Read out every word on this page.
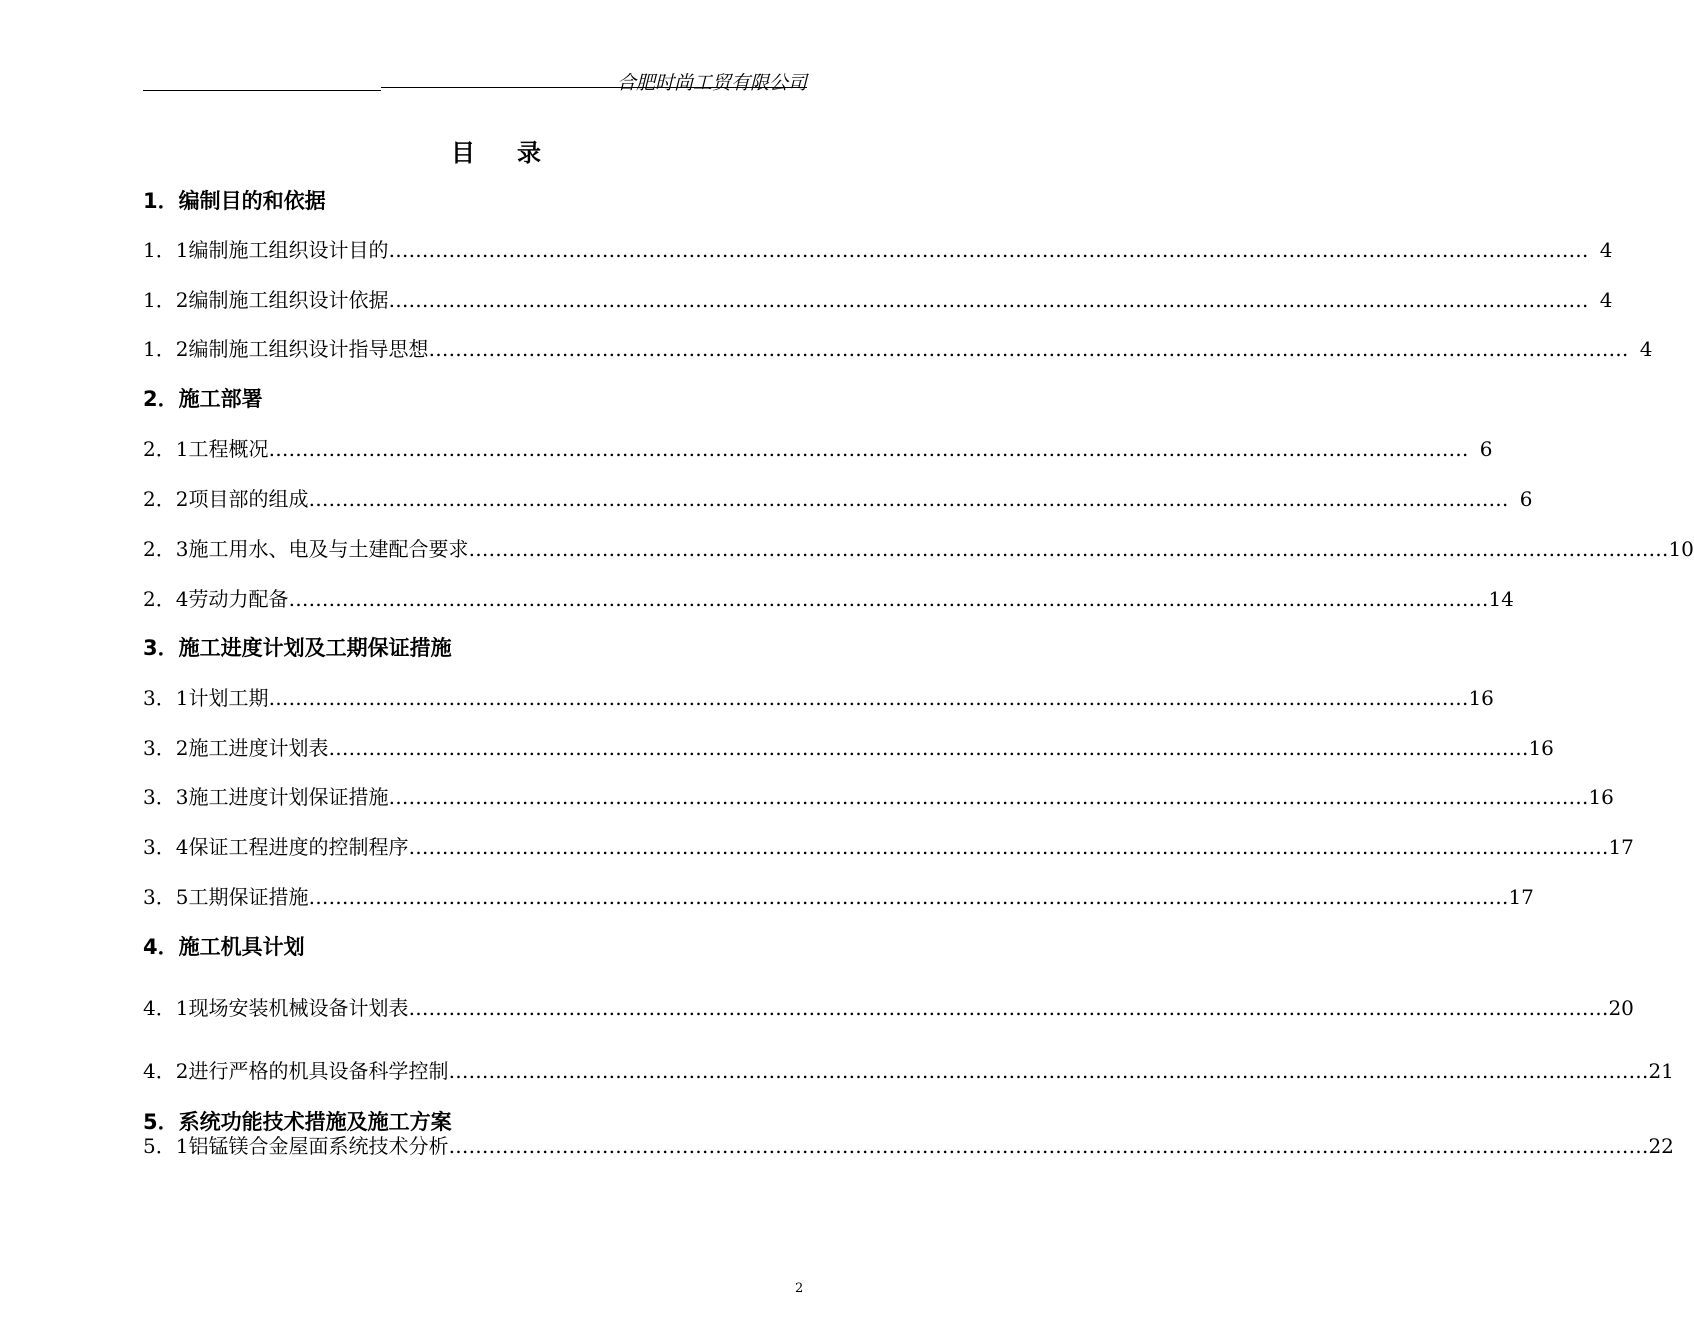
合肥时尚工贸有限公司
目录
1．编制目的和依据
1．1 编制施工组织设计目的 ……………………………………………………………………………………………………………………………………………………………… 4
1．2 编制施工组织设计依据 ……………………………………………………………………………………………………………………………………………………………… 4
1．2 编制施工组织设计指导思想 ……………………………………………………………………………………………………………………………………………………………… 4
2．施工部署
2．1 工程概况 ……………………………………………………………………………………………………………………………………………………………… 6
2．2 项目部的组成 ……………………………………………………………………………………………………………………………………………………………… 6
2．3 施工用水、电及与土建配合要求 ……………………………………………………………………………………………………………………………………………………………… 10
2．4 劳动力配备 ……………………………………………………………………………………………………………………………………………………………… 14
3．施工进度计划及工期保证措施
3．1 计划工期 ……………………………………………………………………………………………………………………………………………………………… 16
3．2 施工进度计划表 ……………………………………………………………………………………………………………………………………………………………… 16
3．3 施工进度计划保证措施 ……………………………………………………………………………………………………………………………………………………………… 16
3．4 保证工程进度的控制程序 ……………………………………………………………………………………………………………………………………………………………… 17
3．5 工期保证措施 ……………………………………………………………………………………………………………………………………………………………… 17
4．施工机具计划
4．1 现场安装机械设备计划表 ……………………………………………………………………………………………………………………………………………………………… 20
4．2 进行严格的机具设备科学控制 ……………………………………………………………………………………………………………………………………………………………… 21
5．系统功能技术措施及施工方案
5．1 铝锰镁合金屋面系统技术分析 ……………………………………………………………………………………………………………………………………………………………… 22
2
